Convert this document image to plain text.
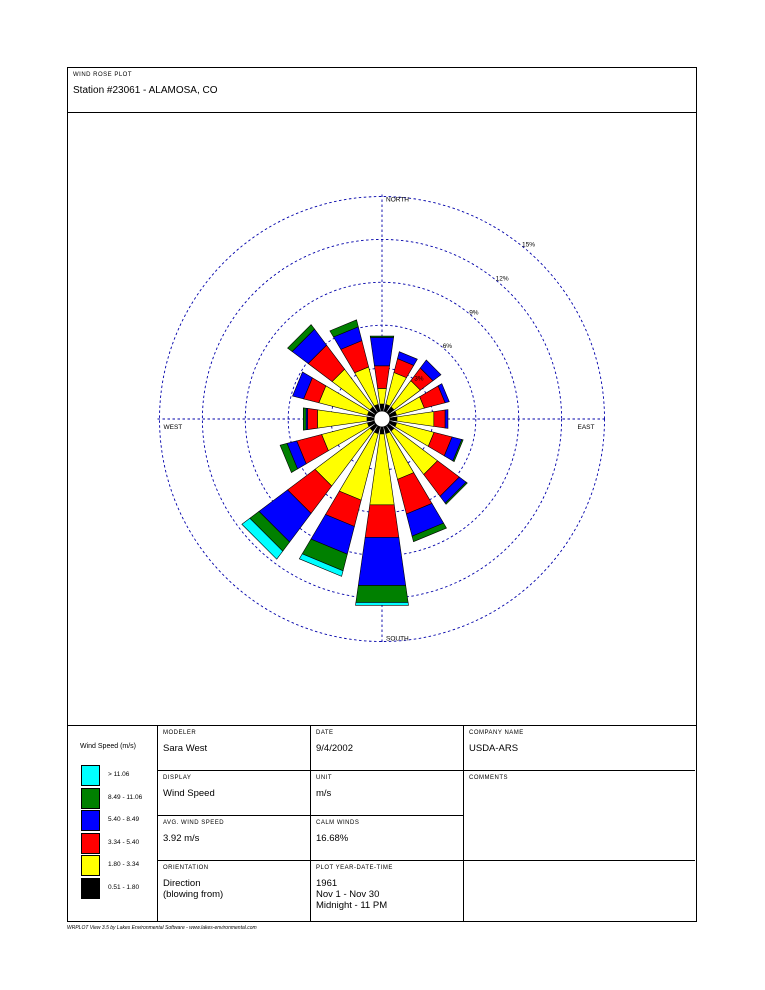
WIND ROSE PLOT
Station #23061 - ALAMOSA, CO
3%
6%
9%
12%
15%
NORTH
SOUTH
WEST	EAST
Wind Speed (m/s)
> 11.06
8.49 - 11.06
5.40 - 8.49
3.34 - 5.40
1.80 - 3.34
0.51 - 1.80
MODELER
Sara West
DATE
9/4/2002
COMPANY NAME
USDA-ARS
DISPLAY
Wind Speed
UNIT
m/s
COMMENTS
AVG. WIND SPEED
3.92 m/s
CALM WINDS
16.68%
ORIENTATION
Direction
(blowing from)
PLOT YEAR-DATE-TIME
1961
Nov 1 - Nov 30
Midnight - 11 PM
WRPLOT View 3.5 by Lakes Environmental Software - www.lakes-environmental.com
